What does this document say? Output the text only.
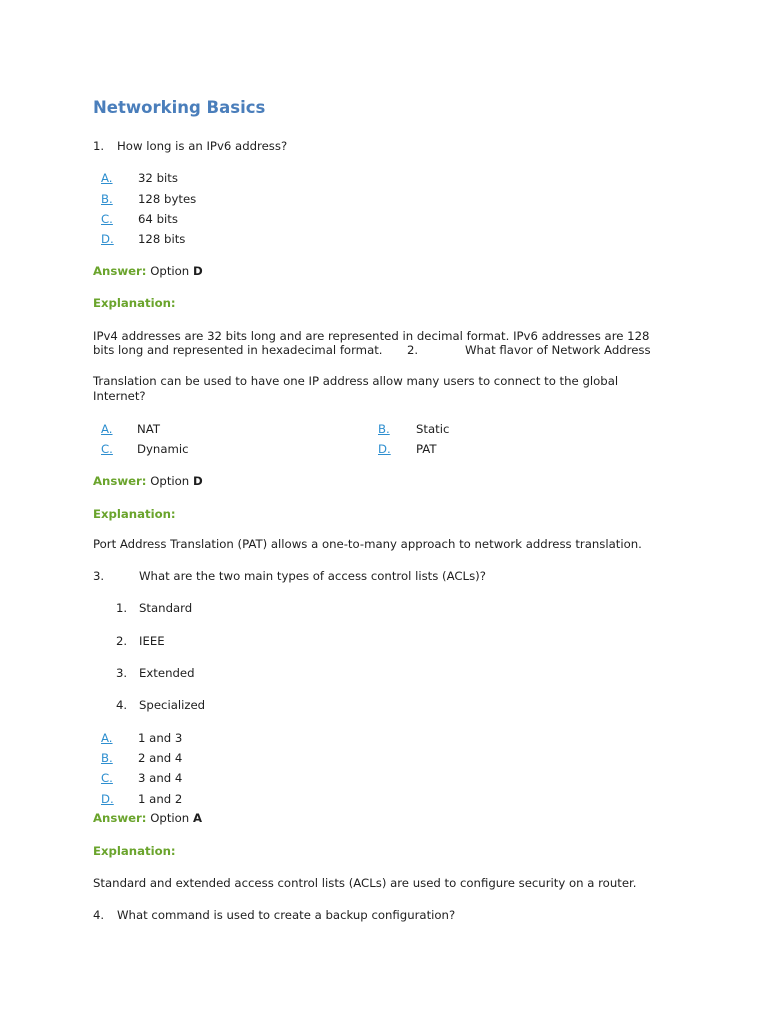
Networking Basics
1. How long is an IPv6 address?
A. 32 bits
B. 128 bytes
C. 64 bits
D. 128 bits
Answer: Option D
Explanation:
IPv4 addresses are 32 bits long and are represented in decimal format. IPv6 addresses are 128
bits long and represented in hexadecimal format. 2.	What flavor of Network Address
Translation can be used to have one IP address allow many users to connect to the global
Internet?
A. NAT	B. Static
C. Dynamic	D. PAT
Answer: Option D
Explanation:
Port Address Translation (PAT) allows a one-to-many approach to network address translation.
3.	What are the two main types of access control lists (ACLs)?
1. Standard
2. IEEE
3. Extended
4. Specialized
A. 1 and 3
B. 2 and 4
C. 3 and 4
D. 1 and 2
Answer: Option A
Explanation:
Standard and extended access control lists (ACLs) are used to configure security on a router.
4. What command is used to create a backup configuration?
